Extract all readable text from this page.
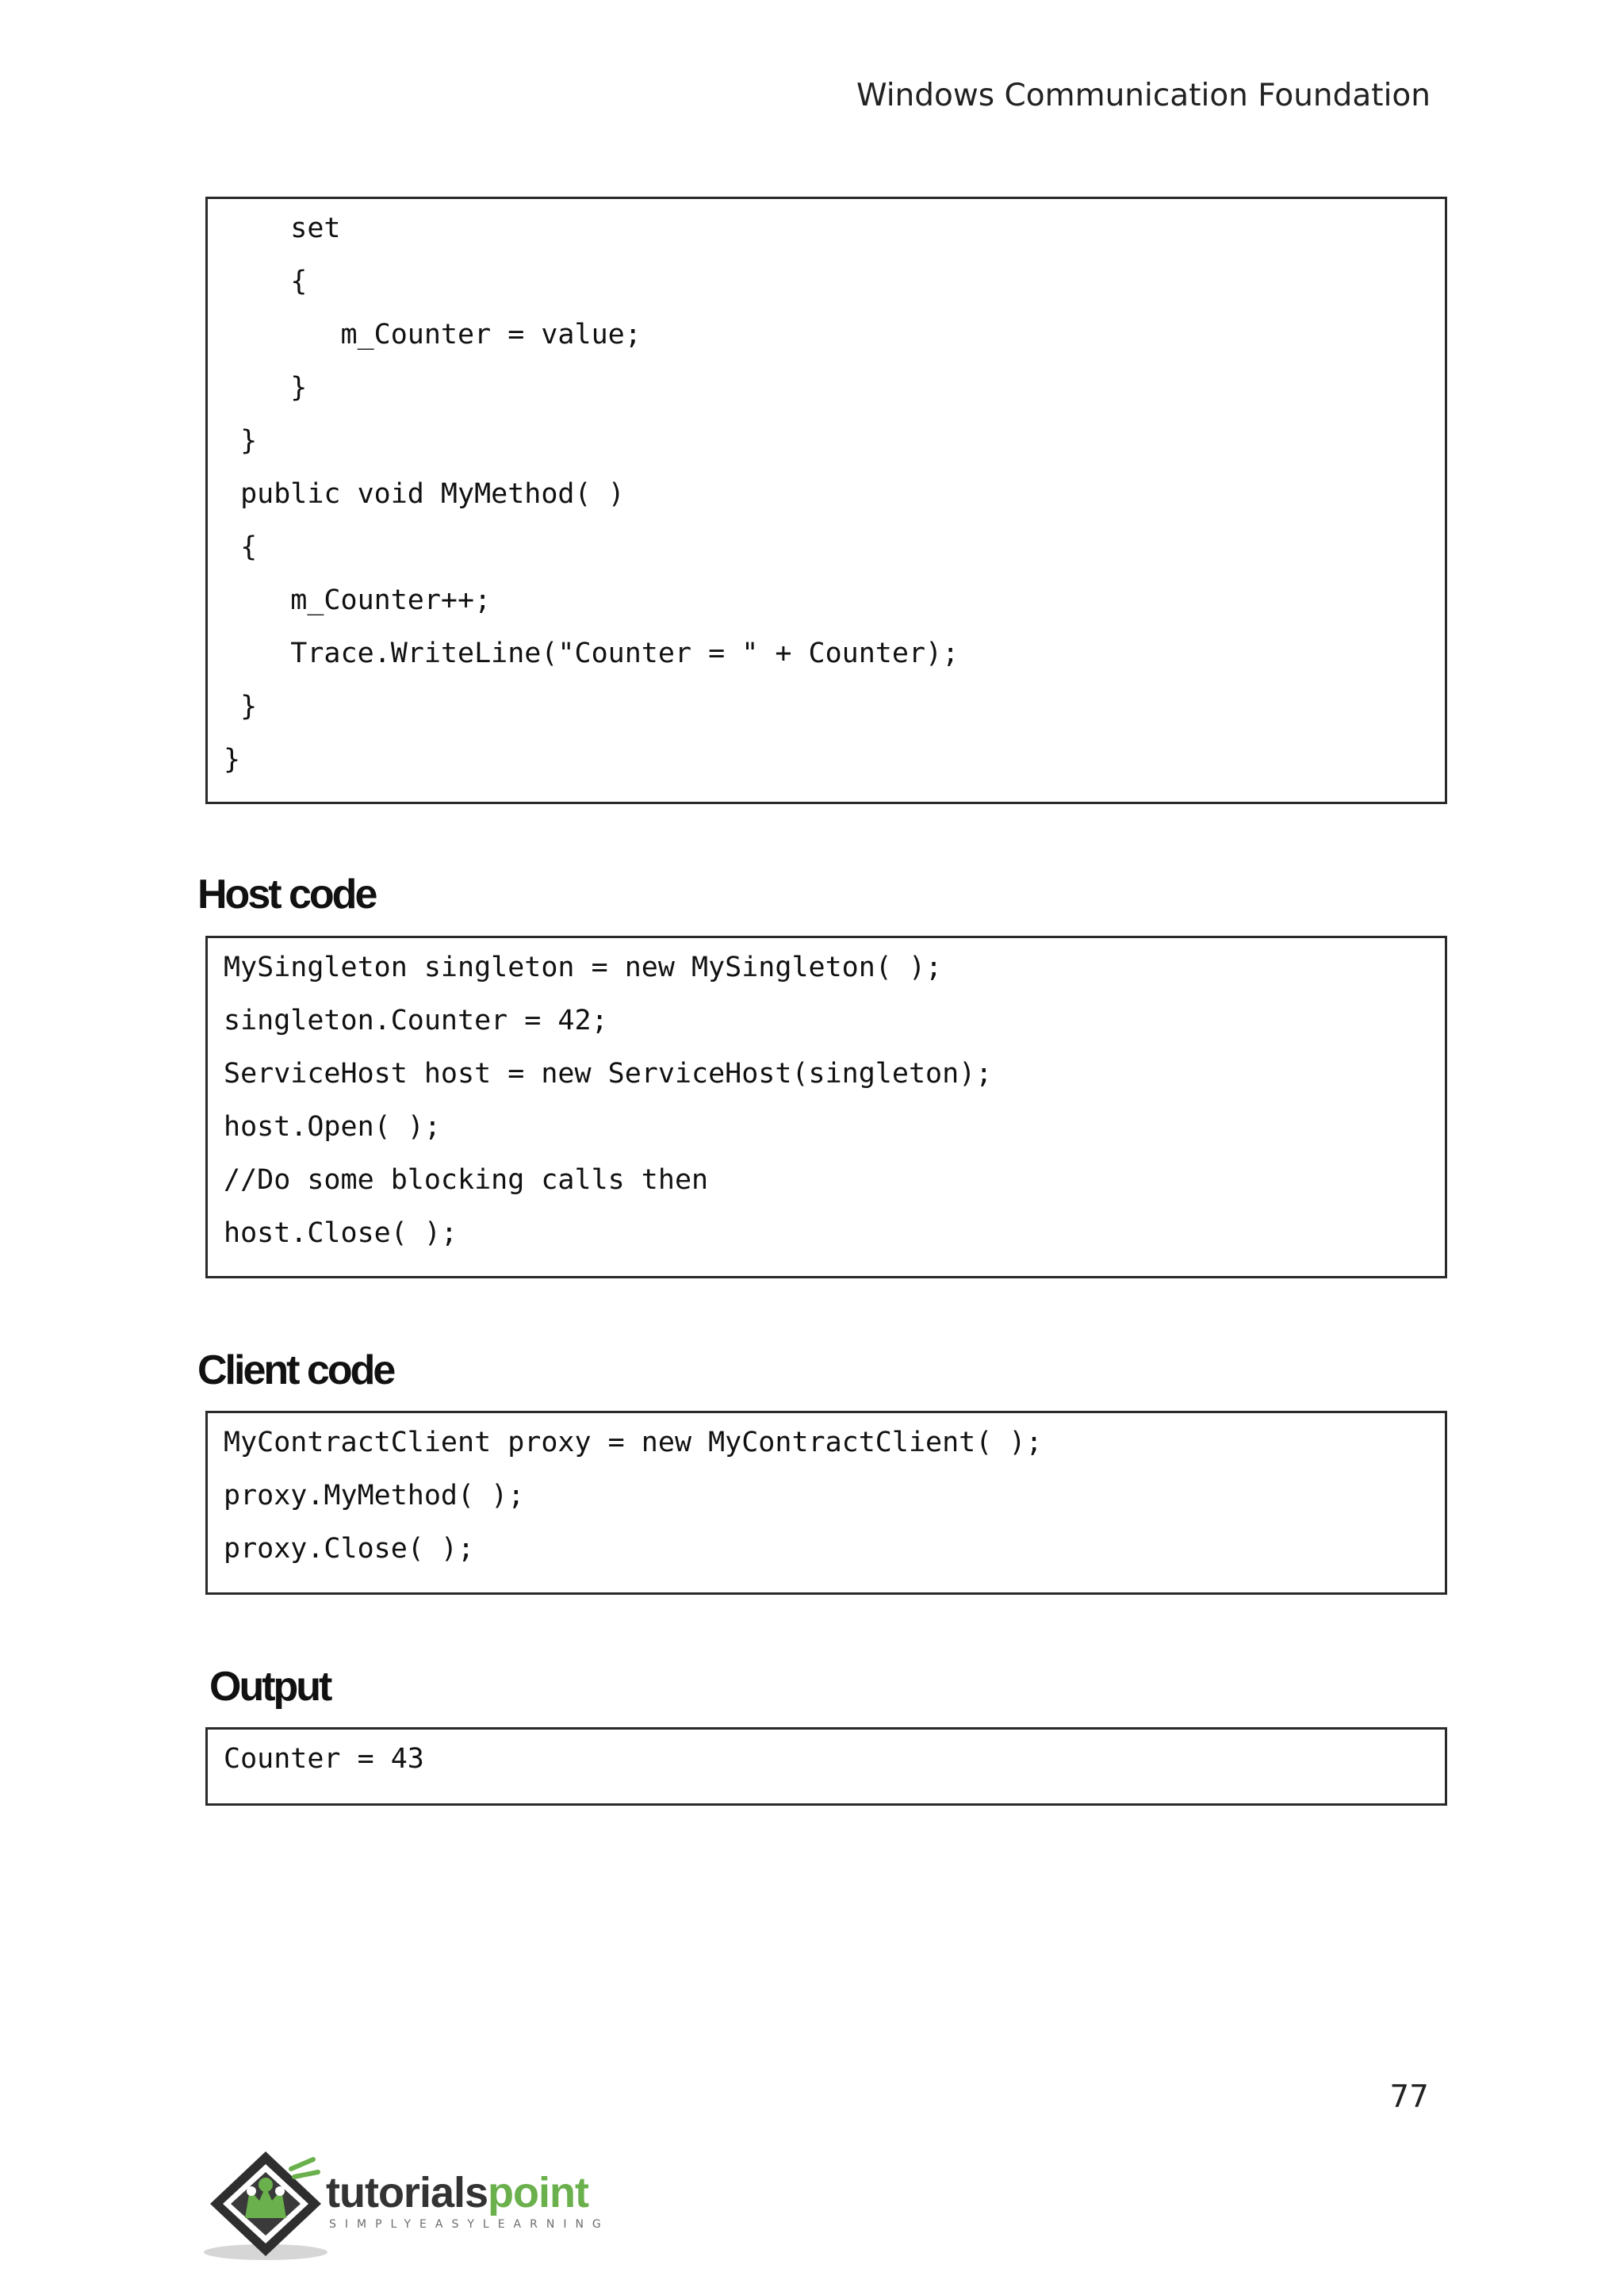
Windows Communication Foundation
set
{
m_Counter = value;
}
}
public void MyMethod( )
{
m_Counter++;
Trace.WriteLine("Counter = " + Counter);
}
}
Host code
MySingleton singleton = new MySingleton( );
singleton.Counter = 42;
ServiceHost host = new ServiceHost(singleton);
host.Open( );
//Do some blocking calls then
host.Close( );
Client code
MyContractClient proxy = new MyContractClient( );
proxy.MyMethod( );
proxy.Close( );
Output
Counter = 43
77
tutorialspoint
SIMPLYEASYLEARNING
